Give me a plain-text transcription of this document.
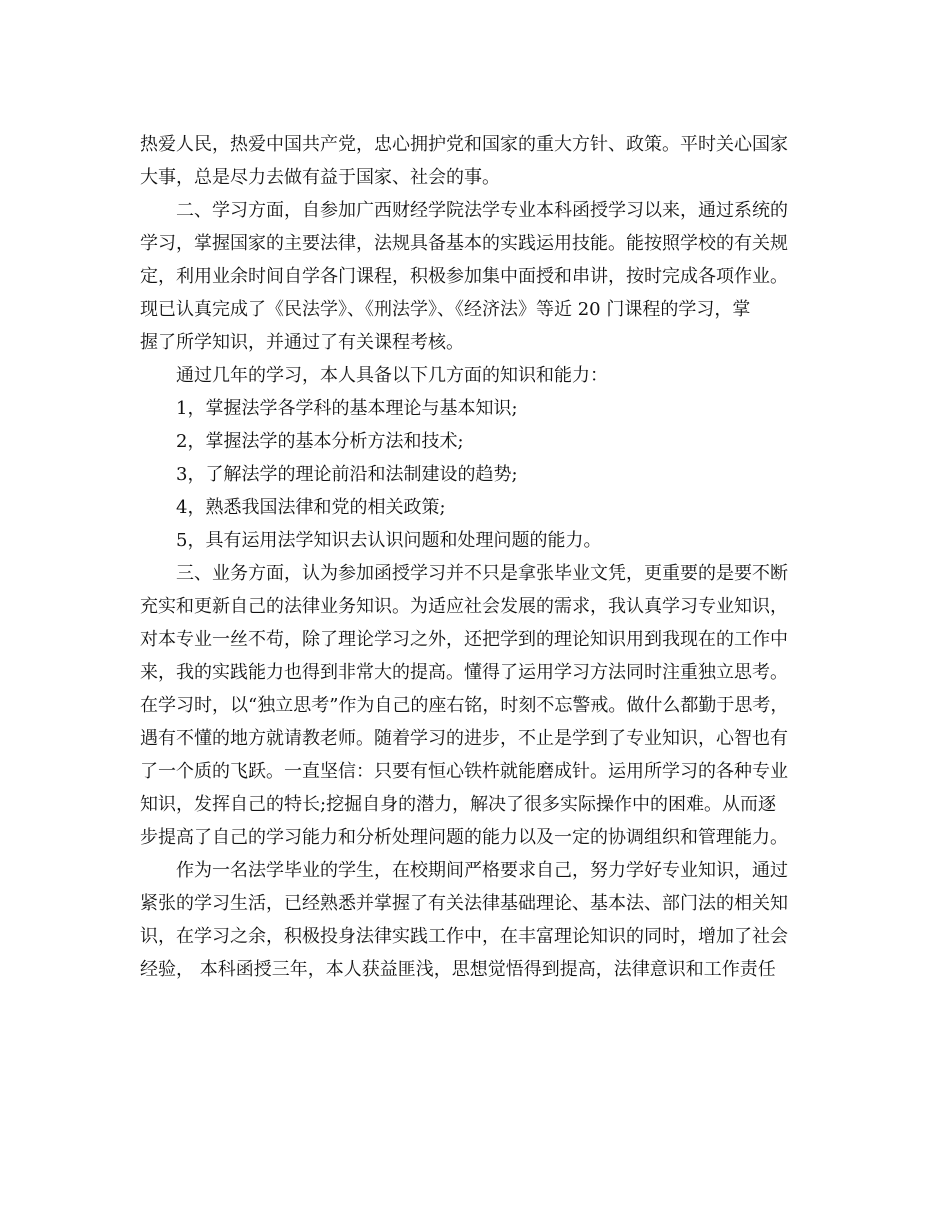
热爱人民，热爱中国共产党，忠心拥护党和国家的重大方针、政策。平时关心国家
大事，总是尽力去做有益于国家、社会的事。
二、学习方面，自参加广西财经学院法学专业本科函授学习以来，通过系统的
学习，掌握国家的主要法律，法规具备基本的实践运用技能。能按照学校的有关规
定，利用业余时间自学各门课程，积极参加集中面授和串讲，按时完成各项作业。
现已认真完成了《民法学》、《刑法学》、《经济法》等近 20 门课程的学习，掌
握了所学知识，并通过了有关课程考核。
通过几年的学习，本人具备以下几方面的知识和能力：
1，掌握法学各学科的基本理论与基本知识;
2，掌握法学的基本分析方法和技术;
3，了解法学的理论前沿和法制建设的趋势;
4，熟悉我国法律和党的相关政策;
5，具有运用法学知识去认识问题和处理问题的能力。
三、业务方面，认为参加函授学习并不只是拿张毕业文凭，更重要的是要不断
充实和更新自己的法律业务知识。为适应社会发展的需求，我认真学习专业知识，
对本专业一丝不苟，除了理论学习之外，还把学到的理论知识用到我现在的工作中
来，我的实践能力也得到非常大的提高。懂得了运用学习方法同时注重独立思考。
在学习时，以“独立思考”作为自己的座右铭，时刻不忘警戒。做什么都勤于思考，
遇有不懂的地方就请教老师。随着学习的进步，不止是学到了专业知识，心智也有
了一个质的飞跃。一直坚信：只要有恒心铁杵就能磨成针。运用所学习的各种专业
知识，发挥自己的特长;挖掘自身的潜力，解决了很多实际操作中的困难。从而逐
步提高了自己的学习能力和分析处理问题的能力以及一定的协调组织和管理能力。
作为一名法学毕业的学生，在校期间严格要求自己，努力学好专业知识，通过
紧张的学习生活，已经熟悉并掌握了有关法律基础理论、基本法、部门法的相关知
识，在学习之余，积极投身法律实践工作中，在丰富理论知识的同时，增加了社会
经验， 本科函授三年，本人获益匪浅，思想觉悟得到提高，法律意识和工作责任
